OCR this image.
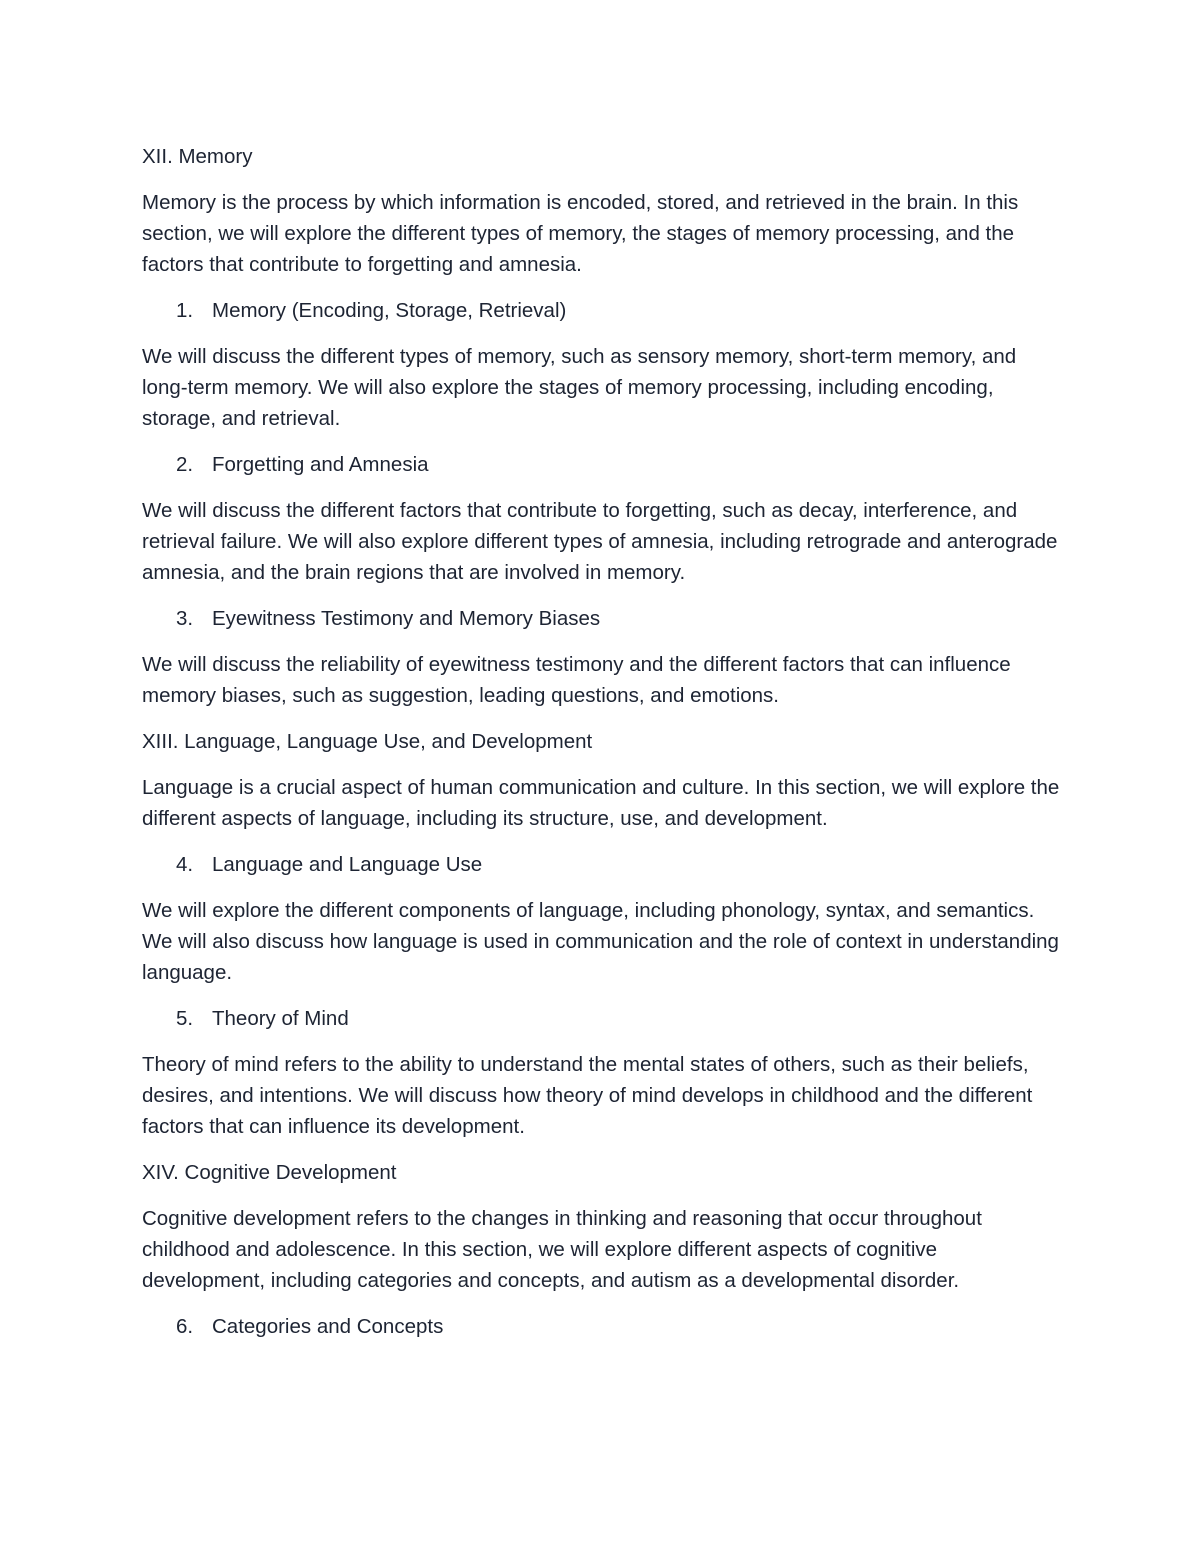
XII. Memory

Memory is the process by which information is encoded, stored, and retrieved in the brain. In this section, we will explore the different types of memory, the stages of memory processing, and the factors that contribute to forgetting and amnesia.

1. Memory (Encoding, Storage, Retrieval)

We will discuss the different types of memory, such as sensory memory, short-term memory, and long-term memory. We will also explore the stages of memory processing, including encoding, storage, and retrieval.

2. Forgetting and Amnesia

We will discuss the different factors that contribute to forgetting, such as decay, interference, and retrieval failure. We will also explore different types of amnesia, including retrograde and anterograde amnesia, and the brain regions that are involved in memory.

3. Eyewitness Testimony and Memory Biases

We will discuss the reliability of eyewitness testimony and the different factors that can influence memory biases, such as suggestion, leading questions, and emotions.

XIII. Language, Language Use, and Development

Language is a crucial aspect of human communication and culture. In this section, we will explore the different aspects of language, including its structure, use, and development.

4. Language and Language Use

We will explore the different components of language, including phonology, syntax, and semantics. We will also discuss how language is used in communication and the role of context in understanding language.

5. Theory of Mind

Theory of mind refers to the ability to understand the mental states of others, such as their beliefs, desires, and intentions. We will discuss how theory of mind develops in childhood and the different factors that can influence its development.

XIV. Cognitive Development

Cognitive development refers to the changes in thinking and reasoning that occur throughout childhood and adolescence. In this section, we will explore different aspects of cognitive development, including categories and concepts, and autism as a developmental disorder.

6. Categories and Concepts
